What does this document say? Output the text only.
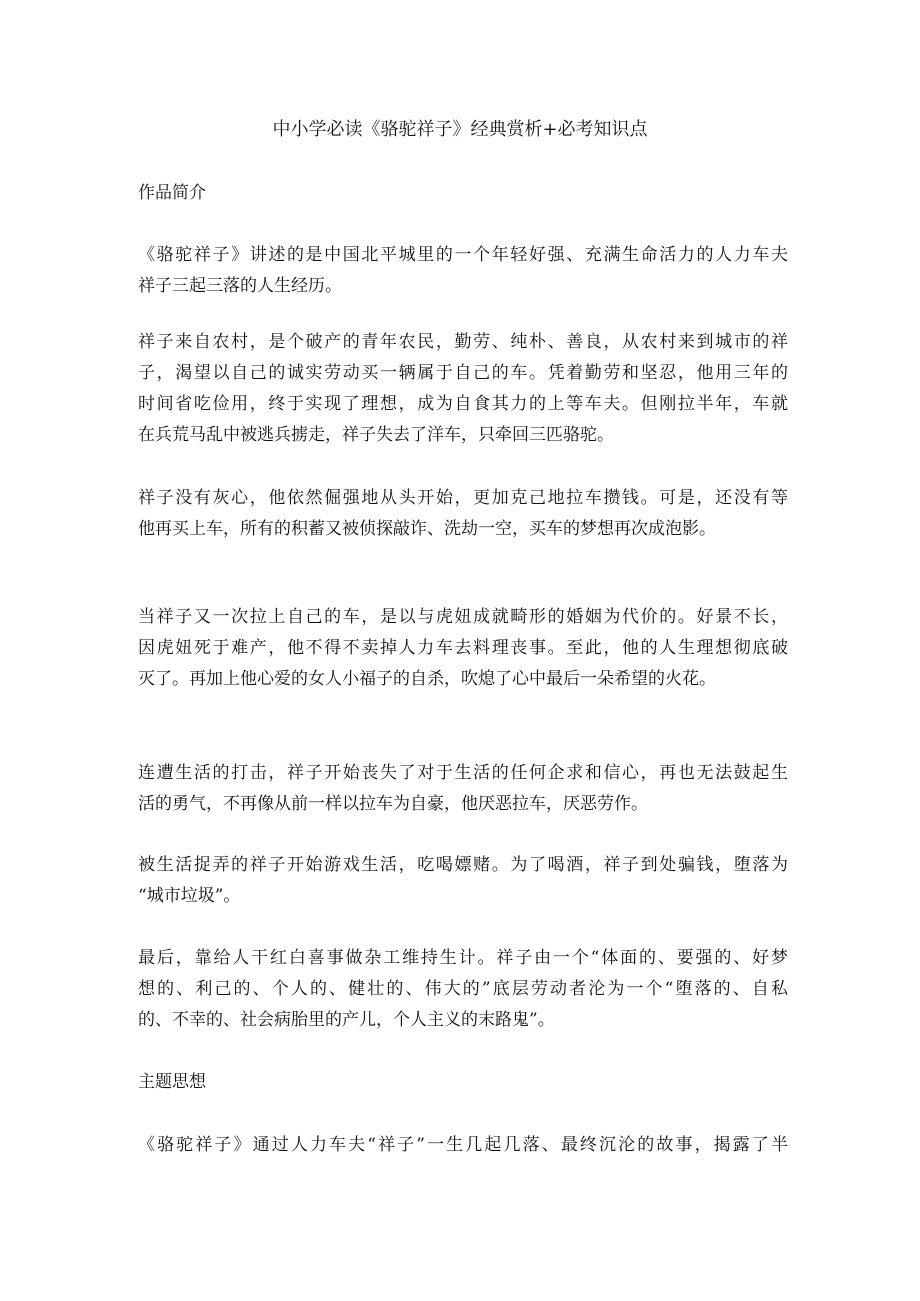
中小学必读《骆驼祥子》经典赏析+必考知识点
作品简介
《骆驼祥子》讲述的是中国北平城里的一个年轻好强、充满生命活力的人力车夫
祥子三起三落的人生经历。
祥子来自农村，是个破产的青年农民，勤劳、纯朴、善良，从农村来到城市的祥
子，渴望以自己的诚实劳动买一辆属于自己的车。凭着勤劳和坚忍，他用三年的
时间省吃俭用，终于实现了理想，成为自食其力的上等车夫。但刚拉半年，车就
在兵荒马乱中被逃兵掳走，祥子失去了洋车，只牵回三匹骆驼。
祥子没有灰心，他依然倔强地从头开始，更加克己地拉车攒钱。可是，还没有等
他再买上车，所有的积蓄又被侦探敲诈、洗劫一空，买车的梦想再次成泡影。
当祥子又一次拉上自己的车，是以与虎妞成就畸形的婚姻为代价的。好景不长，
因虎妞死于难产，他不得不卖掉人力车去料理丧事。至此，他的人生理想彻底破
灭了。再加上他心爱的女人小福子的自杀，吹熄了心中最后一朵希望的火花。
连遭生活的打击，祥子开始丧失了对于生活的任何企求和信心，再也无法鼓起生
活的勇气，不再像从前一样以拉车为自豪，他厌恶拉车，厌恶劳作。
被生活捉弄的祥子开始游戏生活，吃喝嫖赌。为了喝酒，祥子到处骗钱，堕落为
“城市垃圾”。
最后，靠给人干红白喜事做杂工维持生计。祥子由一个“体面的、要强的、好梦
想的、利己的、个人的、健壮的、伟大的”底层劳动者沦为一个“堕落的、自私
的、不幸的、社会病胎里的产儿，个人主义的末路鬼”。
主题思想
《骆驼祥子》通过人力车夫“祥子”一生几起几落、最终沉沦的故事，揭露了半
